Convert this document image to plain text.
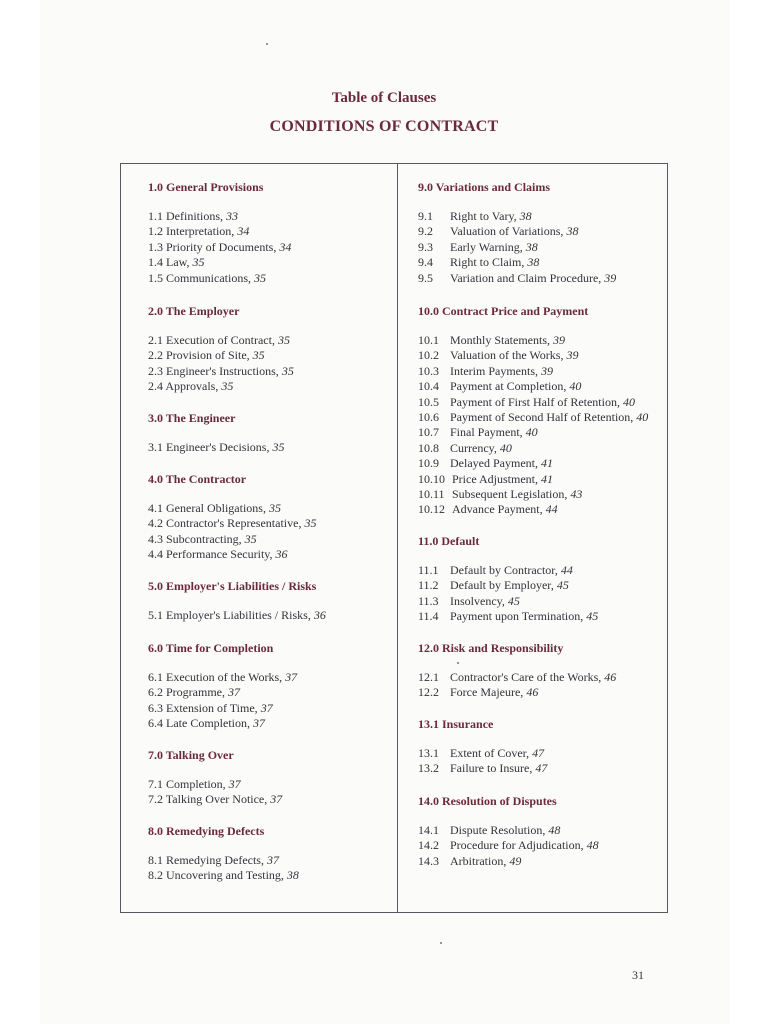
Table of Clauses
CONDITIONS OF CONTRACT
1.0 General Provisions
1.1 Definitions, 33
1.2 Interpretation, 34
1.3 Priority of Documents, 34
1.4 Law, 35
1.5 Communications, 35
2.0 The Employer
2.1 Execution of Contract, 35
2.2 Provision of Site, 35
2.3 Engineer's Instructions, 35
2.4 Approvals, 35
3.0 The Engineer
3.1 Engineer's Decisions, 35
4.0 The Contractor
4.1 General Obligations, 35
4.2 Contractor's Representative, 35
4.3 Subcontracting, 35
4.4 Performance Security, 36
5.0 Employer's Liabilities / Risks
5.1 Employer's Liabilities / Risks, 36
6.0 Time for Completion
6.1 Execution of the Works, 37
6.2 Programme, 37
6.3 Extension of Time, 37
6.4 Late Completion, 37
7.0 Talking Over
7.1 Completion, 37
7.2 Talking Over Notice, 37
8.0 Remedying Defects
8.1 Remedying Defects, 37
8.2 Uncovering and Testing, 38
9.0 Variations and Claims
9.1 Right to Vary, 38
9.2 Valuation of Variations, 38
9.3 Early Warning, 38
9.4 Right to Claim, 38
9.5 Variation and Claim Procedure, 39
10.0 Contract Price and Payment
10.1 Monthly Statements, 39
10.2 Valuation of the Works, 39
10.3 Interim Payments, 39
10.4 Payment at Completion, 40
10.5 Payment of First Half of Retention, 40
10.6 Payment of Second Half of Retention, 40
10.7 Final Payment, 40
10.8 Currency, 40
10.9 Delayed Payment, 41
10.10 Price Adjustment, 41
10.11 Subsequent Legislation, 43
10.12 Advance Payment, 44
11.0 Default
11.1 Default by Contractor, 44
11.2 Default by Employer, 45
11.3 Insolvency, 45
11.4 Payment upon Termination, 45
12.0 Risk and Responsibility
12.1 Contractor's Care of the Works, 46
12.2 Force Majeure, 46
13.1 Insurance
13.1 Extent of Cover, 47
13.2 Failure to Insure, 47
14.0 Resolution of Disputes
14.1 Dispute Resolution, 48
14.2 Procedure for Adjudication, 48
14.3 Arbitration, 49
31
